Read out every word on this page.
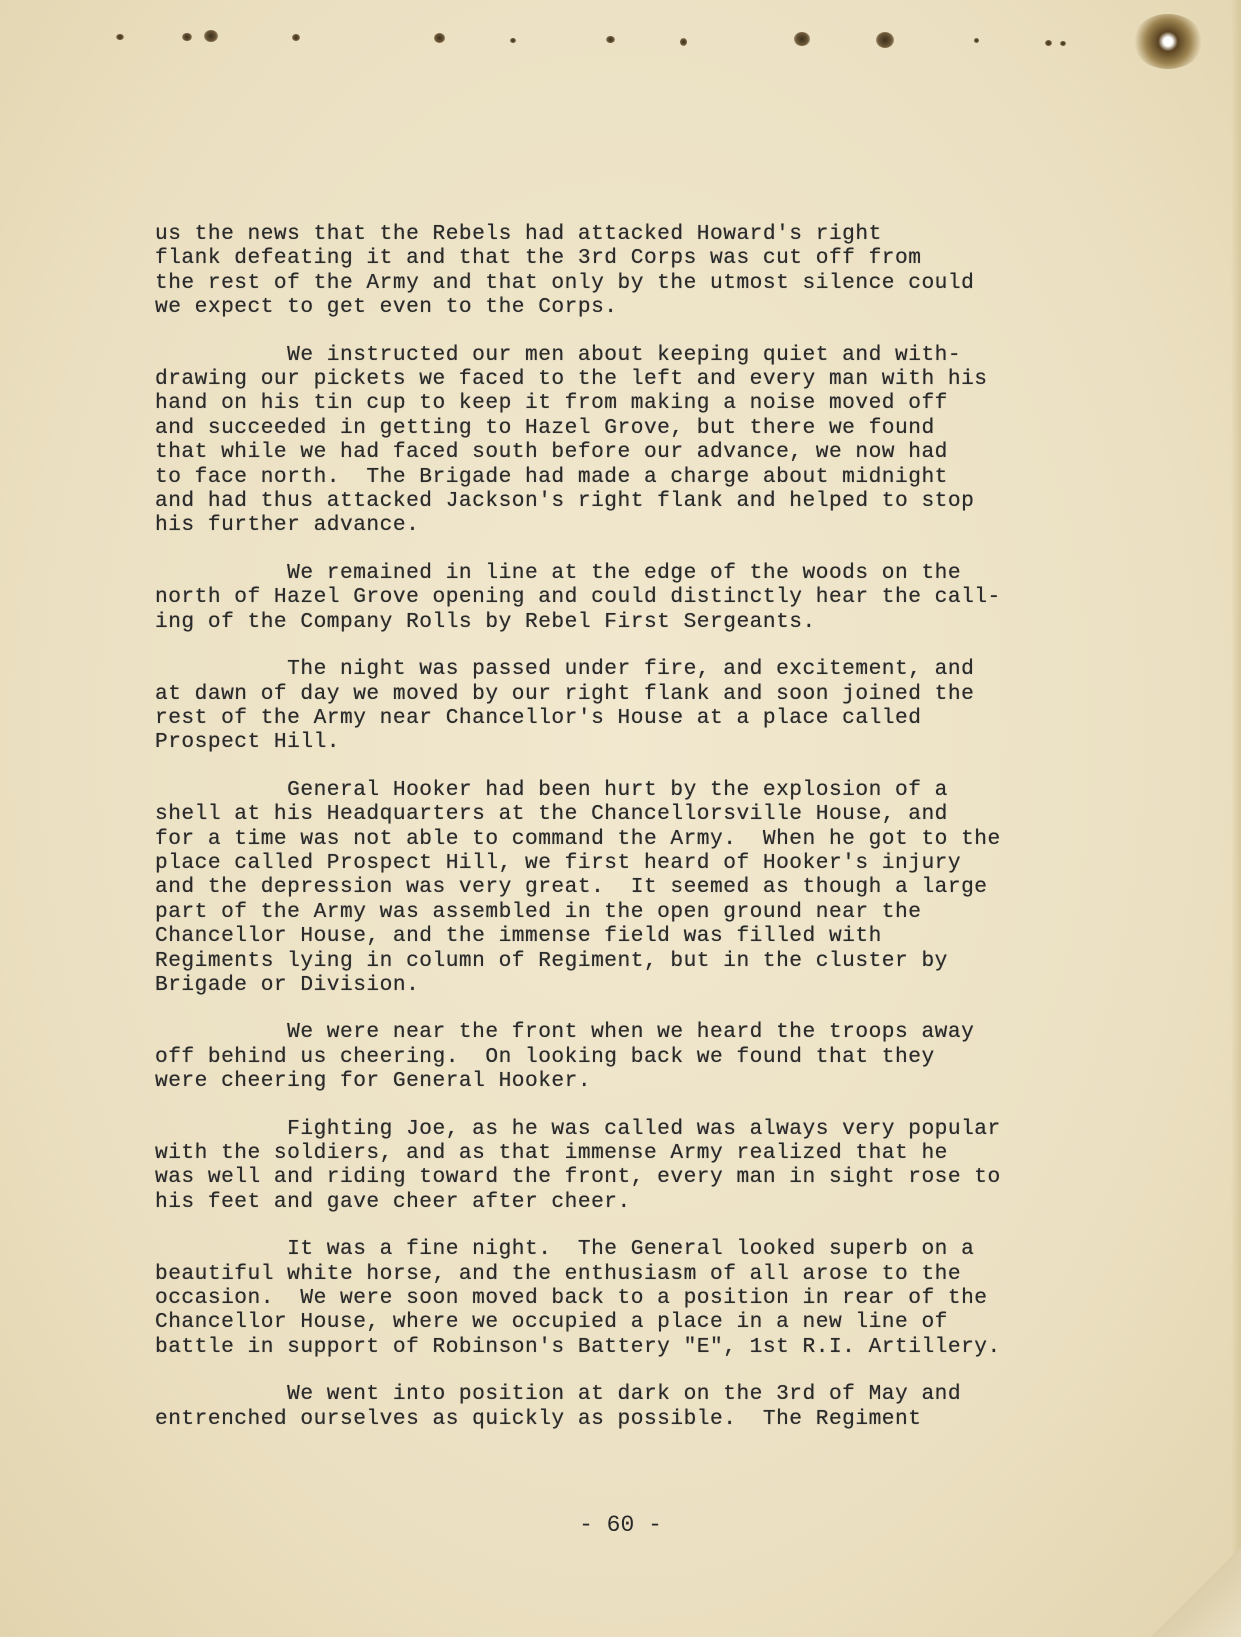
us the news that the Rebels had attacked Howard's right
flank defeating it and that the 3rd Corps was cut off from
the rest of the Army and that only by the utmost silence could
we expect to get even to the Corps.

We instructed our men about keeping quiet and with-
drawing our pickets we faced to the left and every man with his
hand on his tin cup to keep it from making a noise moved off
and succeeded in getting to Hazel Grove, but there we found
that while we had faced south before our advance, we now had
to face north.  The Brigade had made a charge about midnight
and had thus attacked Jackson's right flank and helped to stop
his further advance.

We remained in line at the edge of the woods on the
north of Hazel Grove opening and could distinctly hear the call-
ing of the Company Rolls by Rebel First Sergeants.

The night was passed under fire, and excitement, and
at dawn of day we moved by our right flank and soon joined the
rest of the Army near Chancellor's House at a place called
Prospect Hill.

General Hooker had been hurt by the explosion of a
shell at his Headquarters at the Chancellorsville House, and
for a time was not able to command the Army.  When he got to the
place called Prospect Hill, we first heard of Hooker's injury
and the depression was very great.  It seemed as though a large
part of the Army was assembled in the open ground near the
Chancellor House, and the immense field was filled with
Regiments lying in column of Regiment, but in the cluster by
Brigade or Division.

We were near the front when we heard the troops away
off behind us cheering.  On looking back we found that they
were cheering for General Hooker.

Fighting Joe, as he was called was always very popular
with the soldiers, and as that immense Army realized that he
was well and riding toward the front, every man in sight rose to
his feet and gave cheer after cheer.

It was a fine night.  The General looked superb on a
beautiful white horse, and the enthusiasm of all arose to the
occasion.  We were soon moved back to a position in rear of the
Chancellor House, where we occupied a place in a new line of
battle in support of Robinson's Battery "E", 1st R.I. Artillery.

We went into position at dark on the 3rd of May and
entrenched ourselves as quickly as possible.  The Regiment

- 60 -
